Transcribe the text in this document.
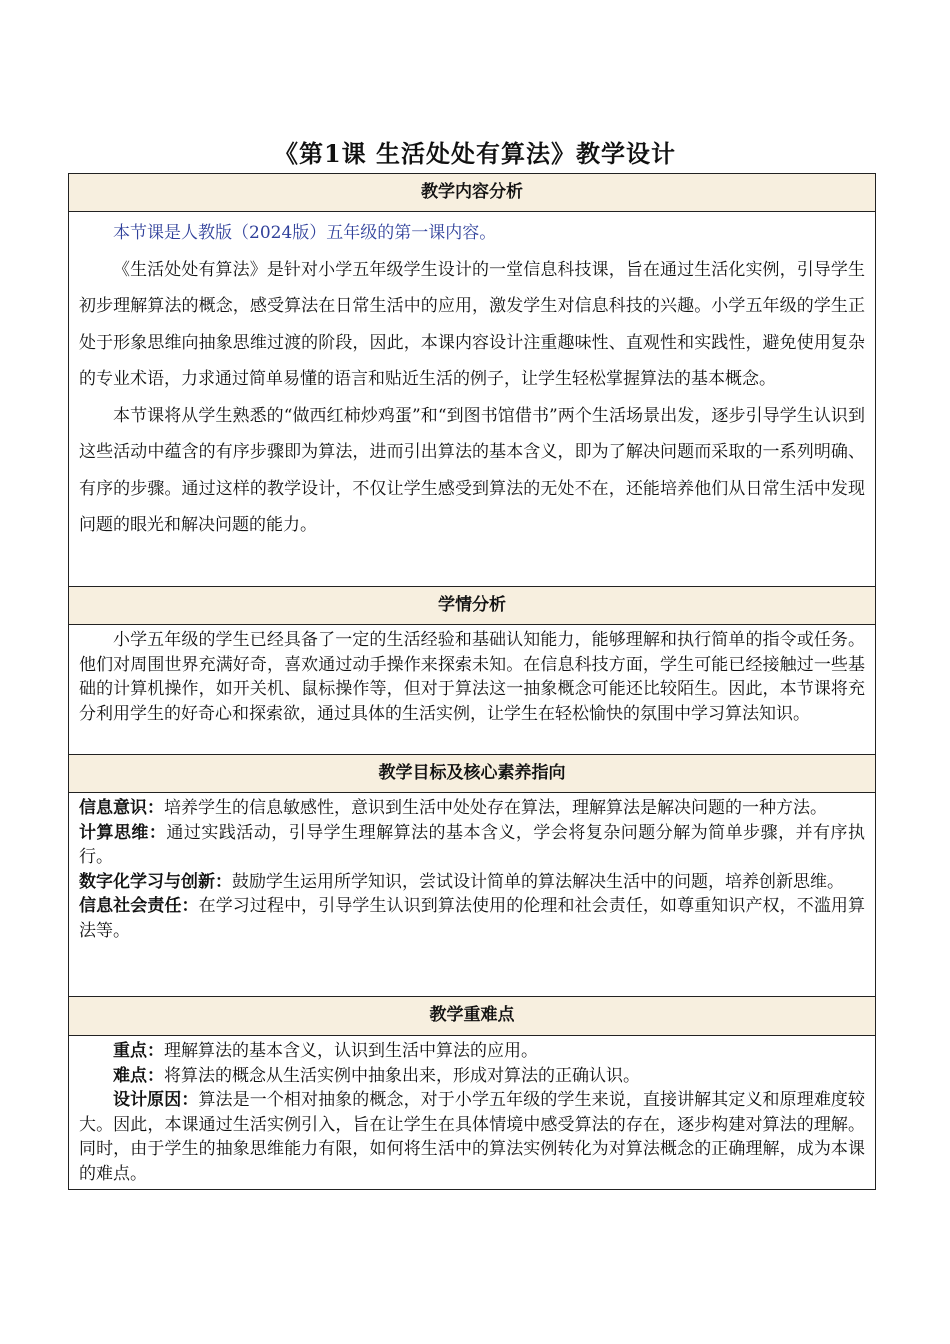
《第1课 生活处处有算法》教学设计
教学内容分析

本节课是人教版（2024版）五年级的第一课内容。

《生活处处有算法》是针对小学五年级学生设计的一堂信息科技课，旨在通过生活化实例，引导学生初步理解算法的概念，感受算法在日常生活中的应用，激发学生对信息科技的兴趣。小学五年级的学生正处于形象思维向抽象思维过渡的阶段，因此，本课内容设计注重趣味性、直观性和实践性，避免使用复杂的专业术语，力求通过简单易懂的语言和贴近生活的例子，让学生轻松掌握算法的基本概念。

本节课将从学生熟悉的“做西红柿炒鸡蛋”和“到图书馆借书”两个生活场景出发，逐步引导学生认识到这些活动中蕴含的有序步骤即为算法，进而引出算法的基本含义，即为了解决问题而采取的一系列明确、有序的步骤。通过这样的教学设计，不仅让学生感受到算法的无处不在，还能培养他们从日常生活中发现问题的眼光和解决问题的能力。

学情分析

小学五年级的学生已经具备了一定的生活经验和基础认知能力，能够理解和执行简单的指令或任务。他们对周围世界充满好奇，喜欢通过动手操作来探索未知。在信息科技方面，学生可能已经接触过一些基础的计算机操作，如开关机、鼠标操作等，但对于算法这一抽象概念可能还比较陌生。因此，本节课将充分利用学生的好奇心和探索欲，通过具体的生活实例，让学生在轻松愉快的氛围中学习算法知识。

教学目标及核心素养指向

信息意识：培养学生的信息敏感性，意识到生活中处处存在算法，理解算法是解决问题的一种方法。

计算思维：通过实践活动，引导学生理解算法的基本含义，学会将复杂问题分解为简单步骤，并有序执行。

数字化学习与创新：鼓励学生运用所学知识，尝试设计简单的算法解决生活中的问题，培养创新思维。

信息社会责任：在学习过程中，引导学生认识到算法使用的伦理和社会责任，如尊重知识产权，不滥用算法等。

教学重难点

重点：理解算法的基本含义，认识到生活中算法的应用。

难点：将算法的概念从生活实例中抽象出来，形成对算法的正确认识。

设计原因：算法是一个相对抽象的概念，对于小学五年级的学生来说，直接讲解其定义和原理难度较大。因此，本课通过生活实例引入，旨在让学生在具体情境中感受算法的存在，逐步构建对算法的理解。同时，由于学生的抽象思维能力有限，如何将生活中的算法实例转化为对算法概念的正确理解，成为本课的难点。
